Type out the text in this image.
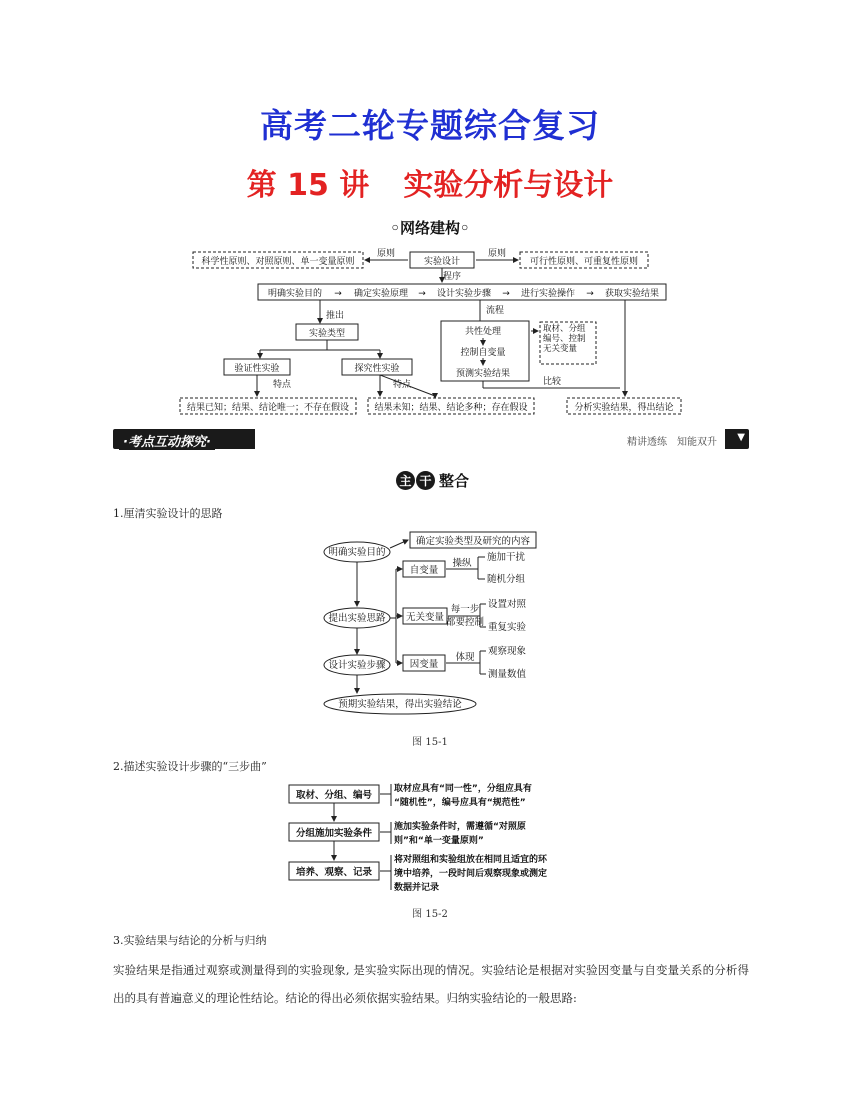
高考二轮专题综合复习
第 15 讲 实验分析与设计
◦网络建构◦
科学性原则、对照原则、单一变量原则
原则
实验设计
原则
可行性原则、可重复性原则
程序
明确实验目的	确定实验原理	设计实验步骤	进行实验操作	获取实验结果
→	→	→	→
推出	流程
实验类型	共性处理
控制自变量
预测实验结果
验证性实验	探究性实验
特点	特点	比较
结果已知；结果、结论唯一；不存在假设	结果未知；结果、结论多种；存在假设	分析实验结果，得出结论
取材、分组编号、控制无关变量
·考点互动探究·	精讲透练　知能双升	▼
主 干 整合
1.厘清实验设计的思路
明确实验目的
确定实验类型及研究的内容
自变量
操纵
施加干扰
随机分组
提出实验思路 无关变量
每一步
都要控制
设置对照
重复实验
设计实验步骤	因变量
体现
观察现象
测量数值
预期实验结果，得出实验结论
图 15-1
2.描述实验设计步骤的“三步曲”
取材、分组、编号
分组施加实验条件
培养、观察、记录
取材应具有“同一性”，分组应具有
“随机性”，编号应具有“规范性”
施加实验条件时，需遵循“对照原
则”和“单一变量原则”
将对照组和实验组放在相同且适宜的环
境中培养，一段时间后观察现象或测定
数据并记录
图 15-2
3.实验结果与结论的分析与归纳
实验结果是指通过观察或测量得到的实验现象, 是实验实际出现的情况。实验结论是根据对实验因变量与自变量关系的分析得出的具有普遍意义的理论性结论。结论的得出必须依据实验结果。归纳实验结论的一般思路:
